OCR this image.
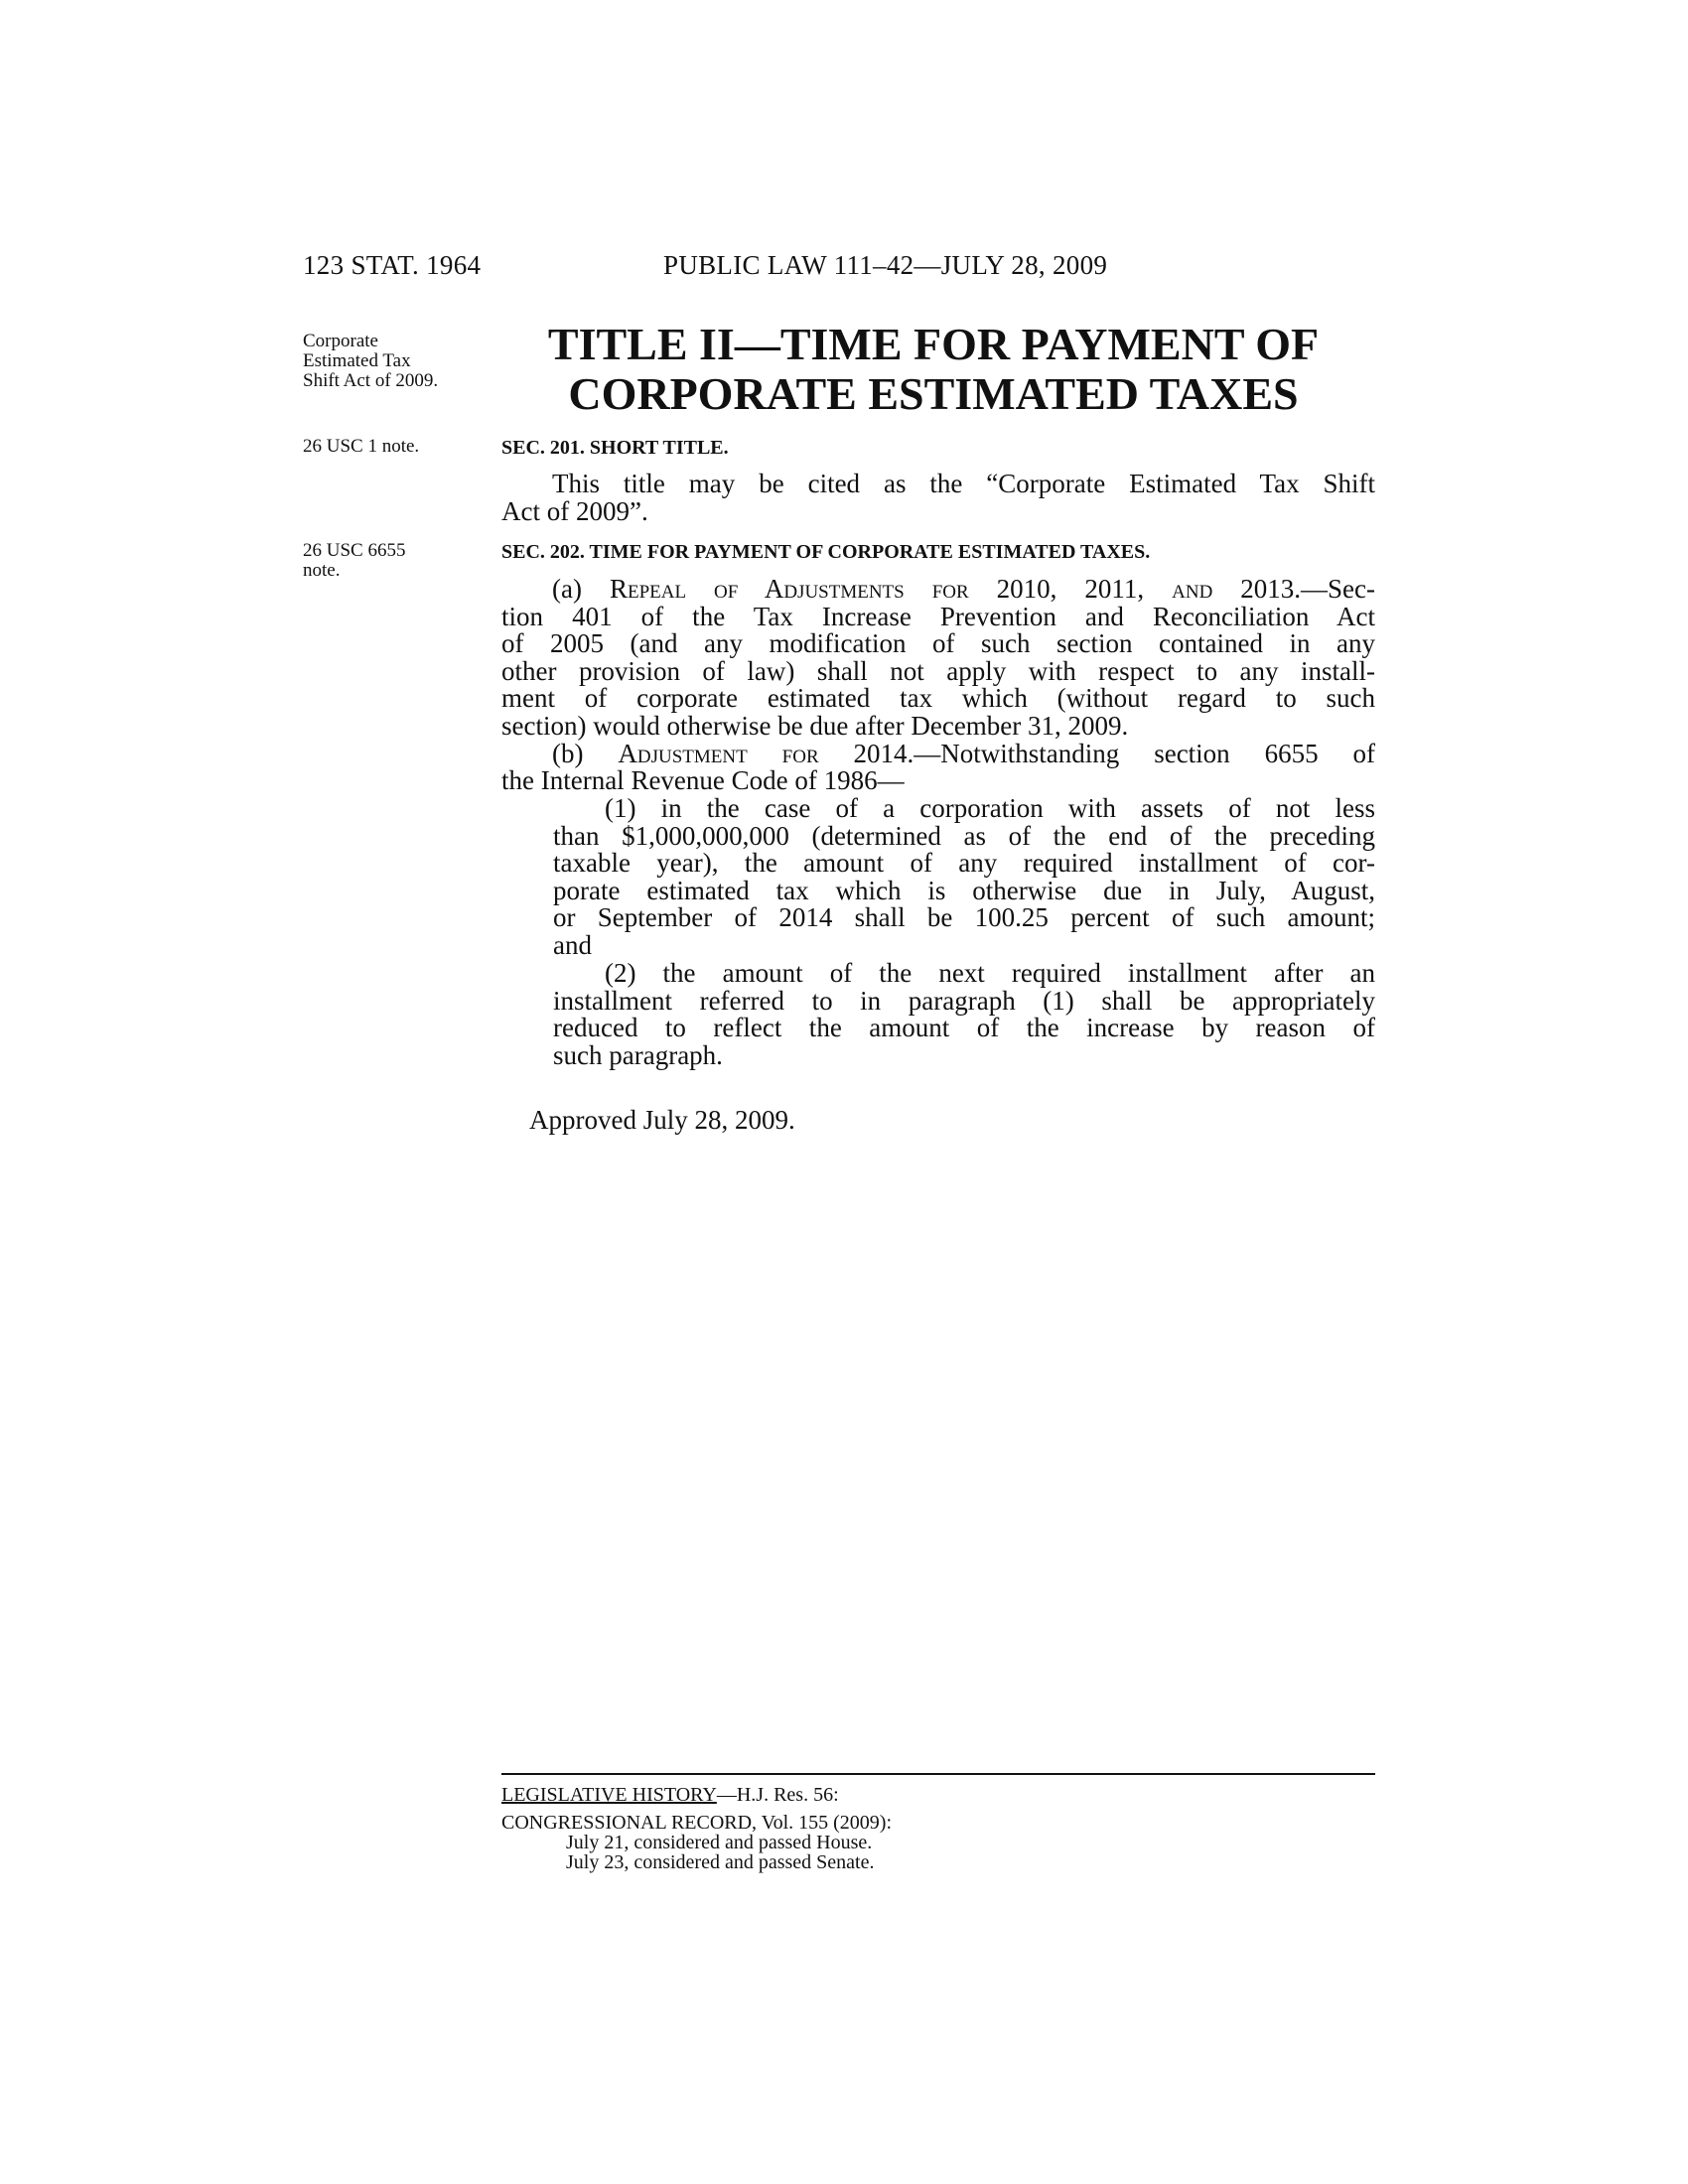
123 STAT. 1964	PUBLIC LAW 111–42—JULY 28, 2009
Corporate
Estimated Tax
Shift Act of 2009.
26 USC 1 note.
26 USC 6655
note.
TITLE II—TIME FOR PAYMENT OF
CORPORATE ESTIMATED TAXES
SEC. 201. SHORT TITLE.
This title may be cited as the “Corporate Estimated Tax Shift
Act of 2009”.
SEC. 202. TIME FOR PAYMENT OF CORPORATE ESTIMATED TAXES.
(a) Repeal of Adjustments for 2010, 2011, and 2013.—Sec-
tion 401 of the Tax Increase Prevention and Reconciliation Act
of 2005 (and any modification of such section contained in any
other provision of law) shall not apply with respect to any install-
ment of corporate estimated tax which (without regard to such
section) would otherwise be due after December 31, 2009.
(b) Adjustment for 2014.—Notwithstanding section 6655 of
the Internal Revenue Code of 1986—
(1) in the case of a corporation with assets of not less
than $1,000,000,000 (determined as of the end of the preceding
taxable year), the amount of any required installment of cor-
porate estimated tax which is otherwise due in July, August,
or September of 2014 shall be 100.25 percent of such amount;
and
(2) the amount of the next required installment after an
installment referred to in paragraph (1) shall be appropriately
reduced to reflect the amount of the increase by reason of
such paragraph.
Approved July 28, 2009.
LEGISLATIVE HISTORY—H.J. Res. 56:
CONGRESSIONAL RECORD, Vol. 155 (2009):
July 21, considered and passed House.
July 23, considered and passed Senate.
